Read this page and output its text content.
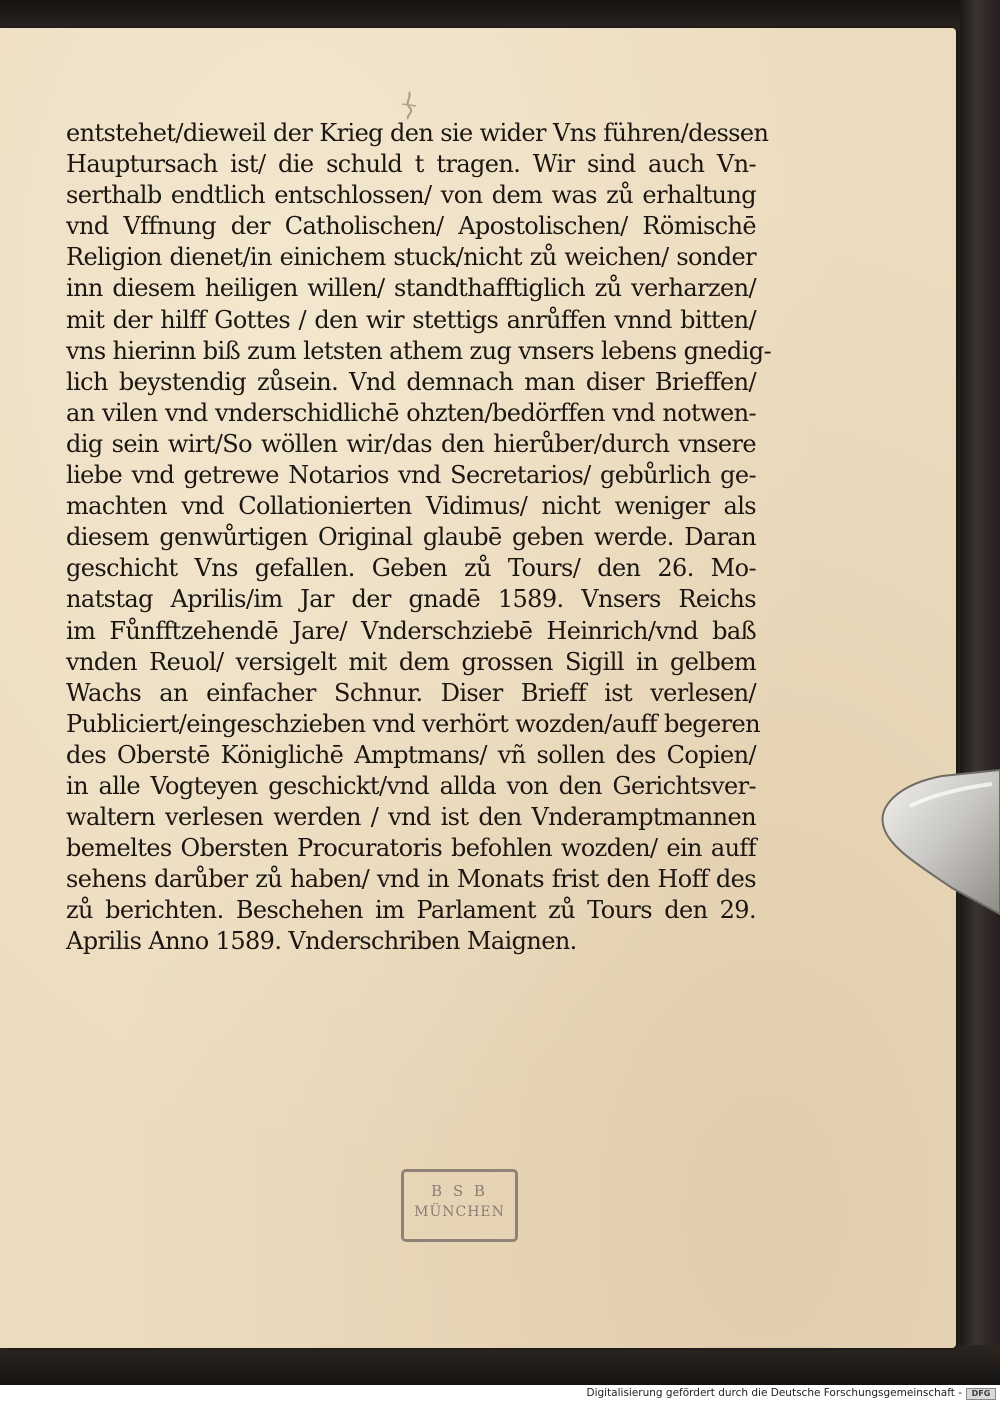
entstehet/dieweil der Krieg den sie wider Vns führen/dessen
Hauptursach ist/ die schuld t tragen. Wir sind auch Vn-
serthalb endtlich entschlossen/ von dem was zů erhaltung
vnd Vffnung der Catholischen/ Apostolischen/ Römischē
Religion dienet/in einichem stuck/nicht zů weichen/ sonder
inn diesem heiligen willen/ standthafftiglich zů verharzen/
mit der hilff Gottes / den wir stettigs anrůffen vnnd bitten/
vns hierinn biß zum letsten athem zug vnsers lebens gnedig-
lich beystendig zůsein. Vnd demnach man diser Brieffen/
an vilen vnd vnderschidlichē ohzten/bedörffen vnd notwen-
dig sein wirt/So wöllen wir/das den hierůber/durch vnsere
liebe vnd getrewe Notarios vnd Secretarios/ gebůrlich ge-
machten vnd Collationierten Vidimus/ nicht weniger als
diesem genwůrtigen Original glaubē geben werde. Daran
geschicht Vns gefallen. Geben zů Tours/ den 26. Mo-
natstag Aprilis/im Jar der gnadē 1589. Vnsers Reichs
im Fůnfftzehendē Jare/ Vnderschziebē Heinrich/vnd baß
vnden Reuol/ versigelt mit dem grossen Sigill in gelbem
Wachs an einfacher Schnur. Diser Brieff ist verlesen/
Publiciert/eingeschzieben vnd verhört wozden/auff begeren
des Oberstē Königlichē Amptmans/ vñ sollen des Copien/
in alle Vogteyen geschickt/vnd allda von den Gerichtsver-
waltern verlesen werden / vnd ist den Vnderamptmannen
bemeltes Obersten Procuratoris befohlen wozden/ ein auff
sehens darůber zů haben/ vnd in Monats frist den Hoff des
zů berichten. Beschehen im Parlament zů Tours den 29.
Aprilis Anno 1589. Vnderschriben Maignen.
B S B
MÜNCHEN
Digitalisierung gefördert durch die Deutsche Forschungsgemeinschaft -	DFG
